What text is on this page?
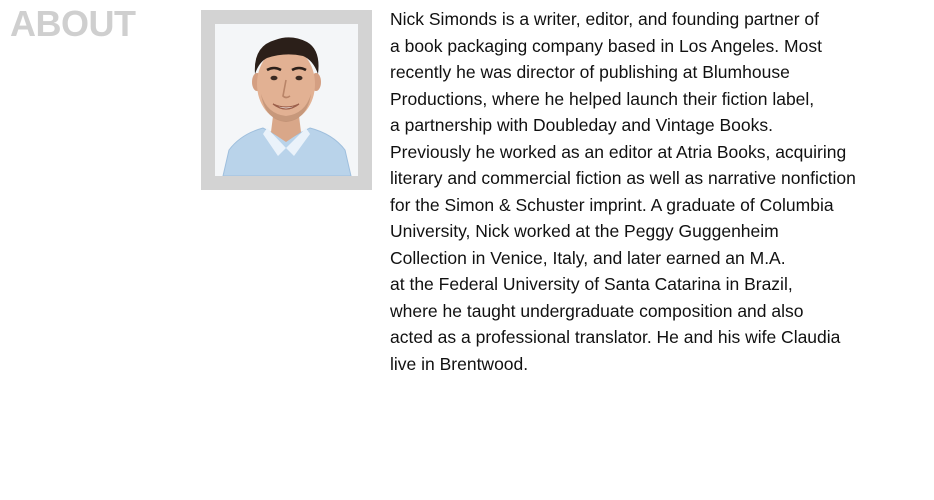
ABOUT	Nick Simonds is a writer, editor, and founding partner of
a book packaging company based in Los Angeles. Most
recently he was director of publishing at Blumhouse
Productions, where he helped launch their fiction label,
a partnership with Doubleday and Vintage Books.
Previously he worked as an editor at Atria Books, acquiring
literary and commercial fiction as well as narrative nonfiction
for the Simon & Schuster imprint. A graduate of Columbia
University, Nick worked at the Peggy Guggenheim
Collection in Venice, Italy, and later earned an M.A.
at the Federal University of Santa Catarina in Brazil,
where he taught undergraduate composition and also
acted as a professional translator. He and his wife Claudia
live in Brentwood.
